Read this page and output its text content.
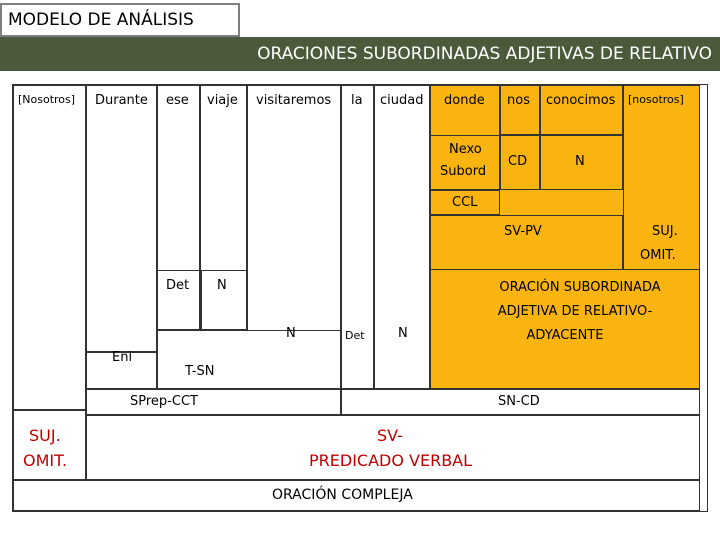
MODELO DE ANÁLISIS
ORACIONES SUBORDINADAS ADJETIVAS DE RELATIVO
[Nosotros] Durante ese viaje visitaremos la ciudad donde nos conocimos [nosotros]
Nexo
Subord
CD	N
CCL
SV-PV	SUJ.
OMIT.
ORACIÓN SUBORDINADA
ADJETIVA DE RELATIVO-
ADYACENTE
Det N
N	Det	N
Enl
T-SN
SPrep-CCT	SN-CD
SUJ.
OMIT.
SV-
PREDICADO VERBAL
ORACIÓN COMPLEJA
